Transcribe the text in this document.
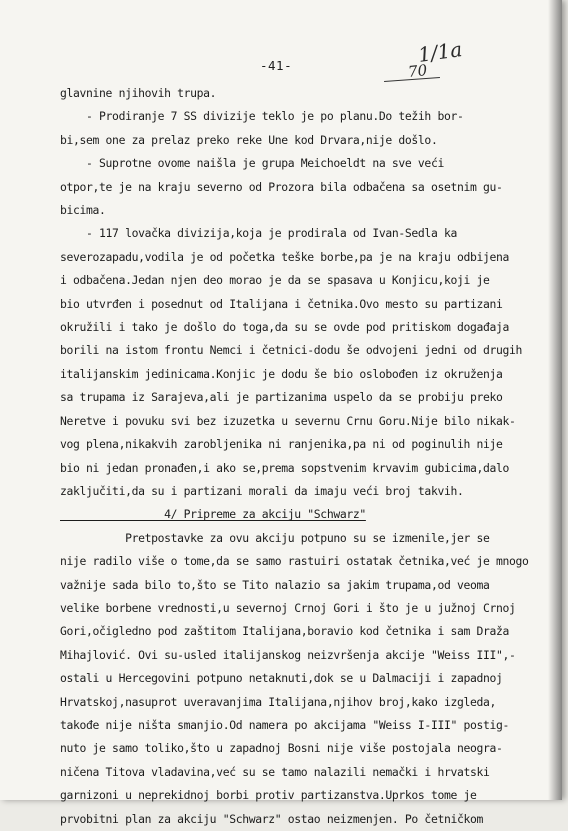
1/1a
70
-41-
glavnine njihovih trupa.
- Prodiranje 7 SS divizije teklo je po planu.Do težih bor-
bi,sem one za prelaz preko reke Une kod Drvara,nije došlo.
- Suprotne ovome naišla je grupa Meichoeldt na sve veći
otpor,te je na kraju severno od Prozora bila odbačena sa osetnim gu-
bicima.
- 117 lovačka divizija,koja je prodirala od Ivan-Sedla ka
severozapadu,vodila je od početka teške borbe,pa je na kraju odbijena
i odbačena.Jedan njen deo morao je da se spasava u Konjicu,koji je
bio utvrđen i posednut od Italijana i četnika.Ovo mesto su partizani
okružili i tako je došlo do toga,da su se ovde pod pritiskom događaja
borili na istom frontu Nemci i četnici-dodu še odvojeni jedni od drugih
italijanskim jedinicama.Konjic je dodu še bio oslobođen iz okruženja
sa trupama iz Sarajeva,ali je partizanima uspelo da se probiju preko
Neretve i povuku svi bez izuzetka u severnu Crnu Goru.Nije bilo nikak-
vog plena,nikakvih zarobljenika ni ranjenika,pa ni od poginulih nije
bio ni jedan pronađen,i ako se,prema sopstvenim krvavim gubicima,dalo
zaključiti,da su i partizani morali da imaju veći broj takvih.
4/ Pripreme za akciju "Schwarz"
Pretpostavke za ovu akciju potpuno su se izmenile,jer se
nije radilo više o tome,da se samo rastuiri ostatak četnika,već je mnogo
važnije sada bilo to,što se Tito nalazio sa jakim trupama,od veoma
velike borbene vrednosti,u severnoj Crnoj Gori i što je u južnoj Crnoj
Gori,očigledno pod zaštitom Italijana,boravio kod četnika i sam Draža
Mihajlović. Ovi su-usled italijanskog neizvršenja akcije "Weiss III",-
ostali u Hercegovini potpuno netaknuti,dok se u Dalmaciji i zapadnoj
Hrvatskoj,nasuprot uveravanjima Italijana,njihov broj,kako izgleda,
takođe nije ništa smanjio.Od namera po akcijama "Weiss I-III" postig-
nuto je samo toliko,što u zapadnoj Bosni nije više postojala neogra-
ničena Titova vladavina,već su se tamo nalazili nemački i hrvatski
garnizoni u neprekidnoj borbi protiv partizanstva.Uprkos tome je
prvobitni plan za akciju "Schwarz" ostao neizmenjen. Po četničkom
